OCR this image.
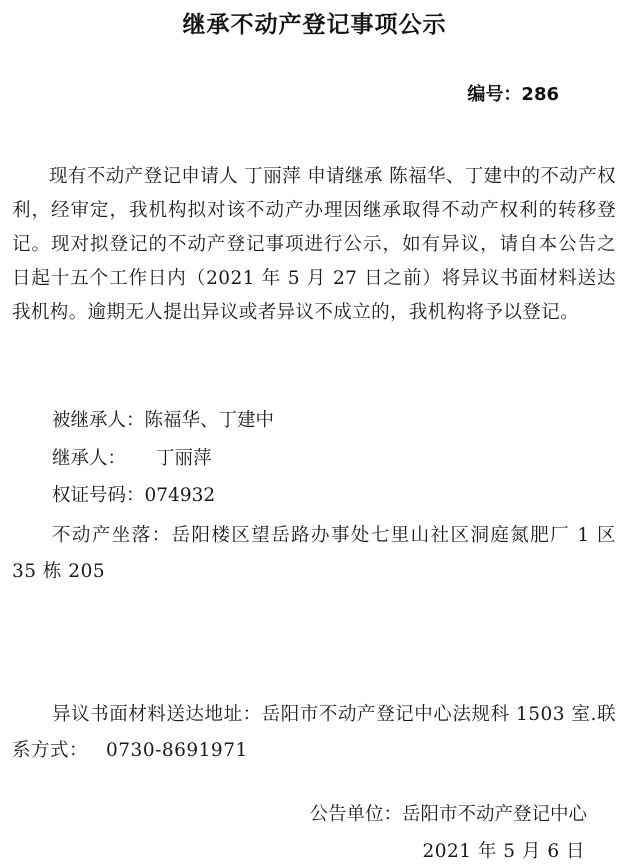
继承不动产登记事项公示
编号：286
现有不动产登记申请人 丁丽萍 申请继承 陈福华、丁建中的不动产权利，经审定，我机构拟对该不动产办理因继承取得不动产权利的转移登记。现对拟登记的不动产登记事项进行公示，如有异议，请自本公告之日起十五个工作日内（2021 年 5 月 27 日之前）将异议书面材料送达我机构。逾期无人提出异议或者异议不成立的，我机构将予以登记。
被继承人：陈福华、丁建中
继承人： 丁丽萍
权证号码：074932
不动产坐落：岳阳楼区望岳路办事处七里山社区洞庭氮肥厂 1 区 35 栋 205
异议书面材料送达地址：岳阳市不动产登记中心法规科 1503 室.联系方式： 0730-8691971
公告单位：岳阳市不动产登记中心
2021 年 5 月 6 日
